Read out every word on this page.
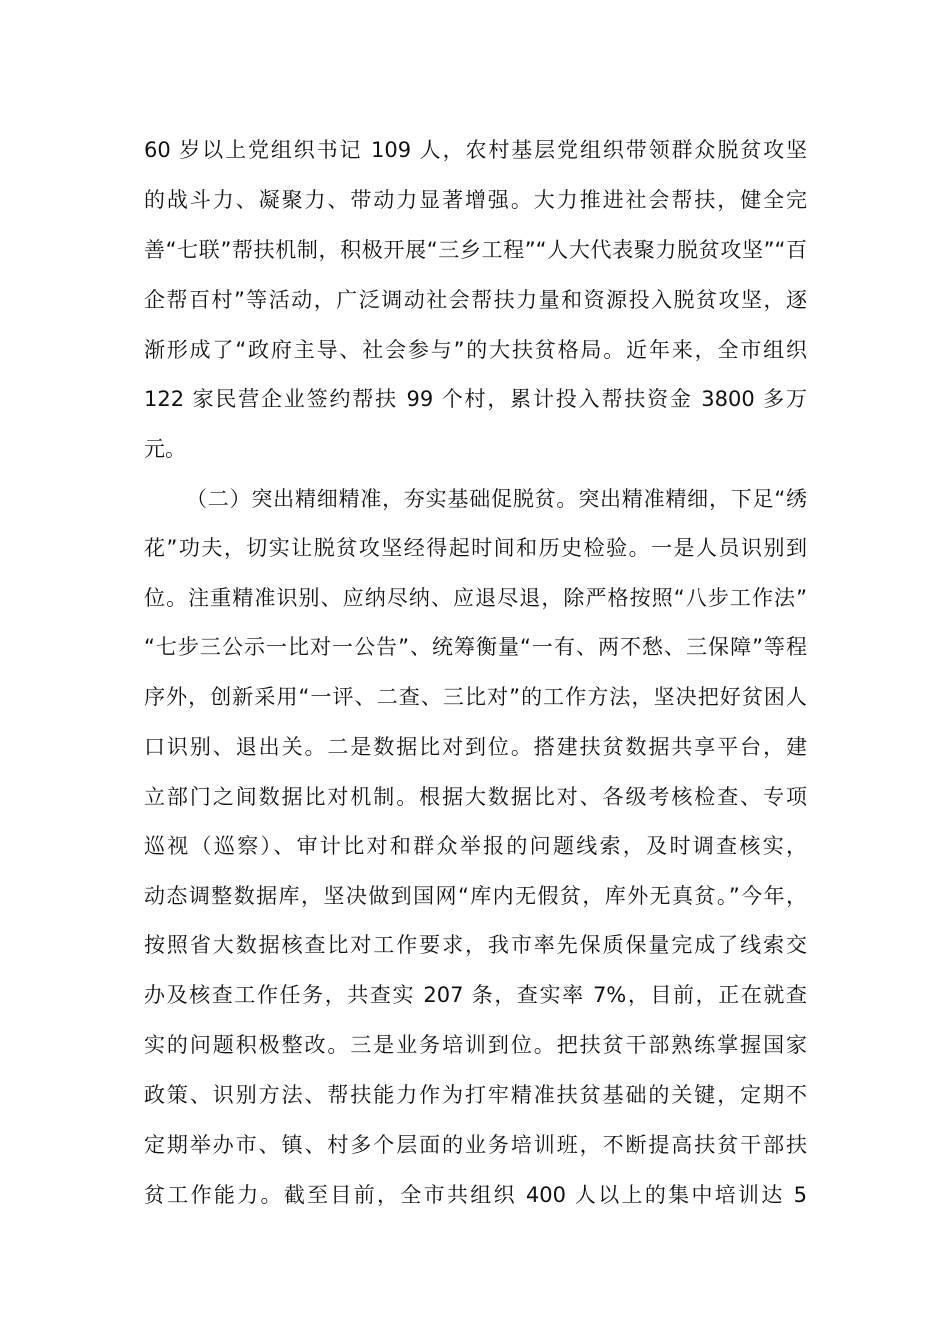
60 岁以上党组织书记 109 人，农村基层党组织带领群众脱贫攻坚
的战斗力、凝聚力、带动力显著增强。大力推进社会帮扶，健全完
善“七联”帮扶机制，积极开展“三乡工程”“人大代表聚力脱贫攻坚”“百
企帮百村”等活动，广泛调动社会帮扶力量和资源投入脱贫攻坚，逐
渐形成了“政府主导、社会参与”的大扶贫格局。近年来，全市组织
122 家民营企业签约帮扶 99 个村，累计投入帮扶资金 3800 多万
元。
（二）突出精细精准，夯实基础促脱贫。突出精准精细，下足“绣
花”功夫，切实让脱贫攻坚经得起时间和历史检验。一是人员识别到
位。注重精准识别、应纳尽纳、应退尽退，除严格按照“八步工作法”
“七步三公示一比对一公告”、统筹衡量“一有、两不愁、三保障”等程
序外，创新采用“一评、二查、三比对”的工作方法，坚决把好贫困人
口识别、退出关。二是数据比对到位。搭建扶贫数据共享平台，建
立部门之间数据比对机制。根据大数据比对、各级考核检查、专项
巡视（巡察）、审计比对和群众举报的问题线索，及时调查核实，
动态调整数据库，坚决做到国网“库内无假贫，库外无真贫。”今年，
按照省大数据核查比对工作要求，我市率先保质保量完成了线索交
办及核查工作任务，共查实 207 条，查实率 7%，目前，正在就查
实的问题积极整改。三是业务培训到位。把扶贫干部熟练掌握国家
政策、识别方法、帮扶能力作为打牢精准扶贫基础的关键，定期不
定期举办市、镇、村多个层面的业务培训班，不断提高扶贫干部扶
贫工作能力。截至目前，全市共组织 400 人以上的集中培训达 5
